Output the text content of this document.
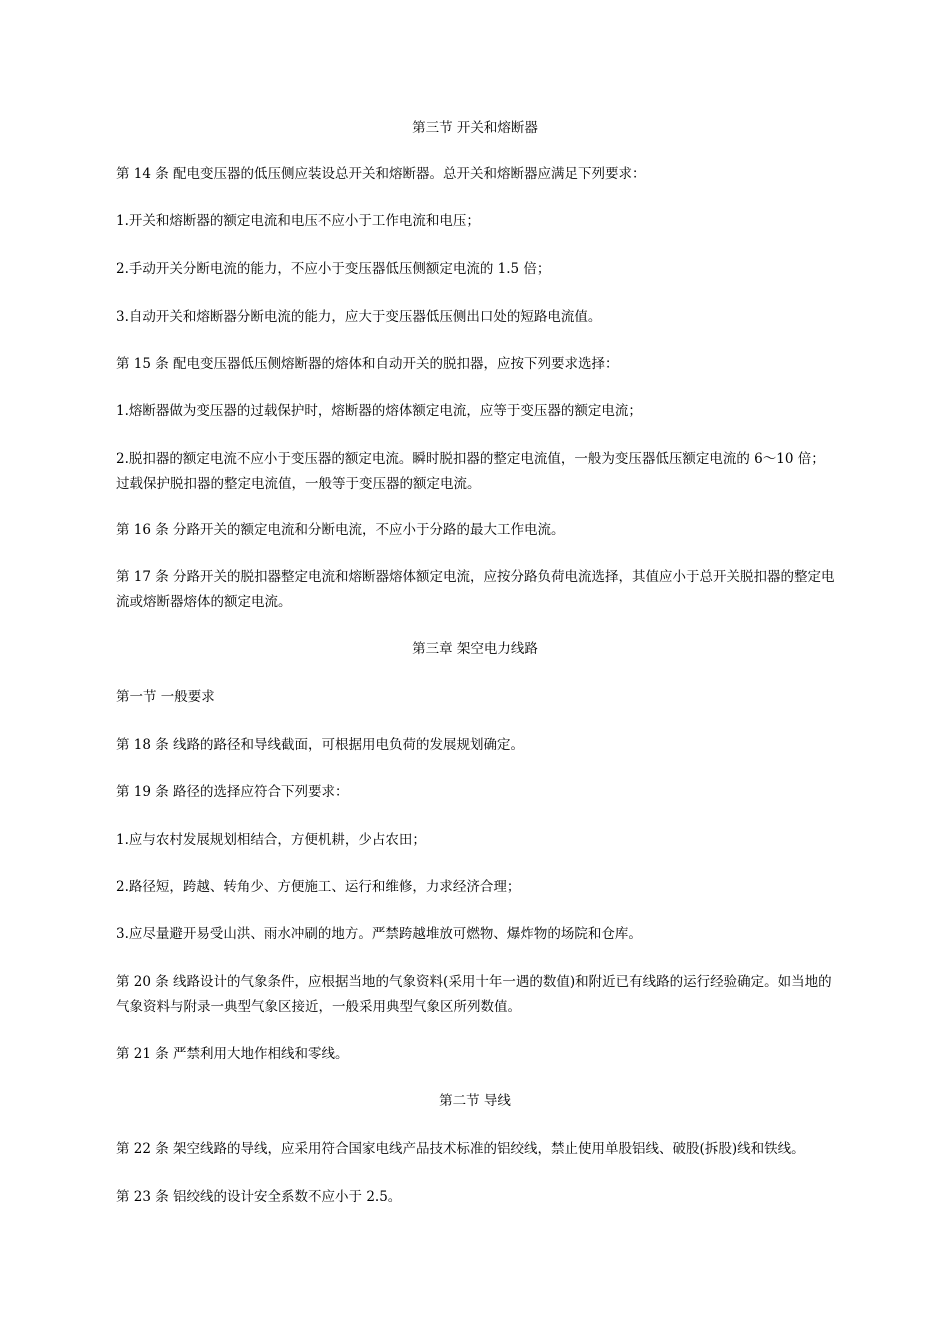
第三节 开关和熔断器
第 14 条 配电变压器的低压侧应装设总开关和熔断器。总开关和熔断器应满足下列要求：
1.开关和熔断器的额定电流和电压不应小于工作电流和电压；
2.手动开关分断电流的能力，不应小于变压器低压侧额定电流的 1.5 倍；
3.自动开关和熔断器分断电流的能力，应大于变压器低压侧出口处的短路电流值。
第 15 条 配电变压器低压侧熔断器的熔体和自动开关的脱扣器，应按下列要求选择：
1.熔断器做为变压器的过载保护时，熔断器的熔体额定电流，应等于变压器的额定电流；
2.脱扣器的额定电流不应小于变压器的额定电流。瞬时脱扣器的整定电流值，一般为变压器低压额定电流的 6～10 倍；过载保护脱扣器的整定电流值，一般等于变压器的额定电流。
第 16 条 分路开关的额定电流和分断电流，不应小于分路的最大工作电流。
第 17 条 分路开关的脱扣器整定电流和熔断器熔体额定电流，应按分路负荷电流选择，其值应小于总开关脱扣器的整定电流或熔断器熔体的额定电流。
第三章 架空电力线路
第一节 一般要求
第 18 条 线路的路径和导线截面，可根据用电负荷的发展规划确定。
第 19 条 路径的选择应符合下列要求：
1.应与农村发展规划相结合，方便机耕，少占农田；
2.路径短，跨越、转角少、方便施工、运行和维修，力求经济合理；
3.应尽量避开易受山洪、雨水冲刷的地方。严禁跨越堆放可燃物、爆炸物的场院和仓库。
第 20 条 线路设计的气象条件，应根据当地的气象资料(采用十年一遇的数值)和附近已有线路的运行经验确定。如当地的气象资料与附录一典型气象区接近，一般采用典型气象区所列数值。
第 21 条 严禁利用大地作相线和零线。
第二节 导线
第 22 条 架空线路的导线，应采用符合国家电线产品技术标准的铝绞线，禁止使用单股铝线、破股(拆股)线和铁线。
第 23 条 铝绞线的设计安全系数不应小于 2.5。
